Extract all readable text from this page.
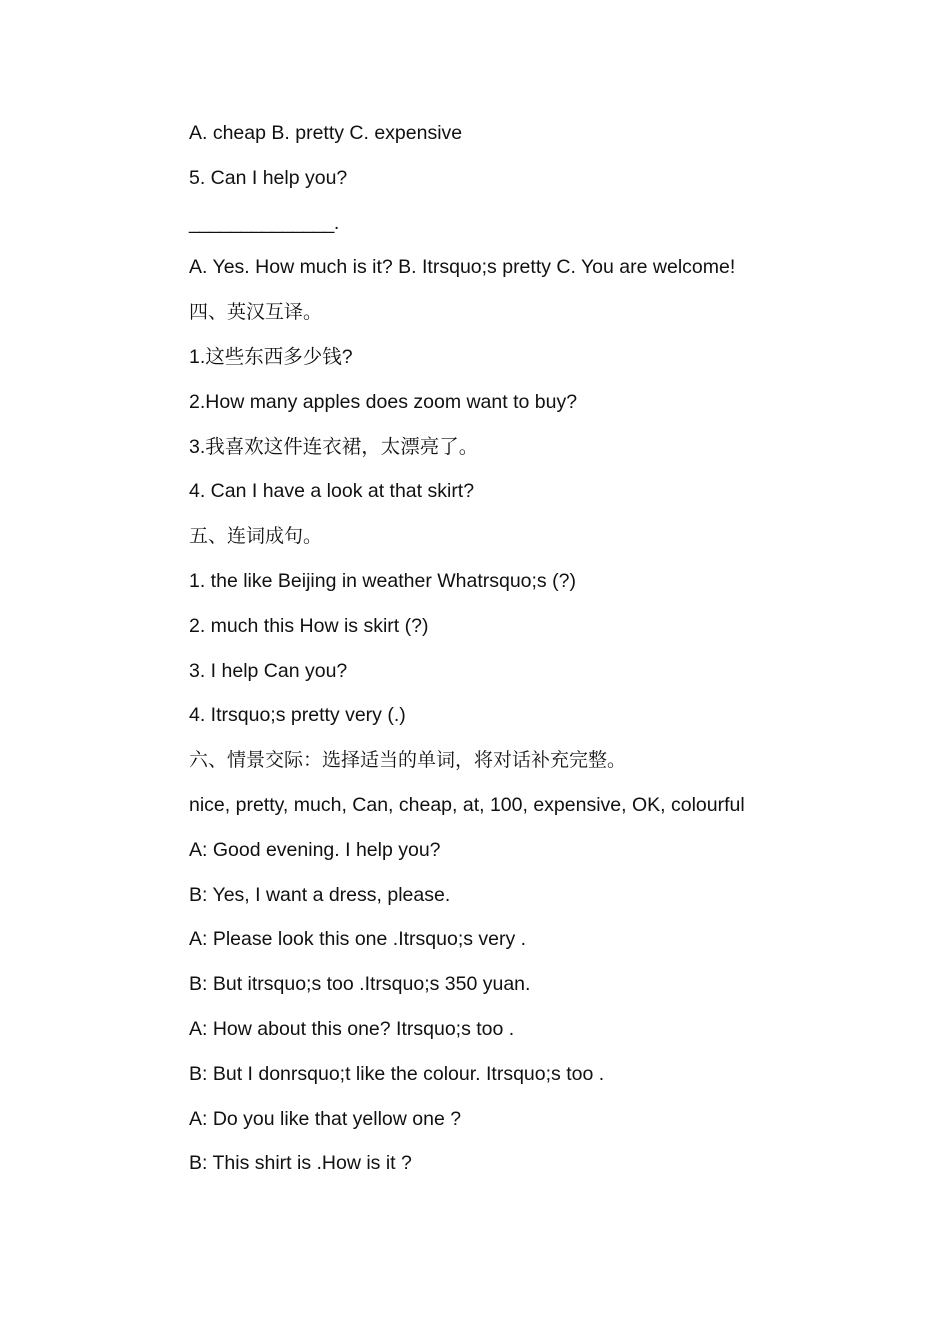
A. cheap B. pretty C. expensive
5. Can I help you?
______________.
A. Yes. How much is it? B. Itrsquo;s pretty C. You are welcome!
四、英汉互译。
1.这些东西多少钱?
2.How many apples does zoom want to buy?
3.我喜欢这件连衣裙，太漂亮了。
4. Can I have a look at that skirt?
五、连词成句。
1. the like Beijing in weather Whatrsquo;s (?)
2. much this How is skirt (?)
3. I help Can you?
4. Itrsquo;s pretty very (.)
六、情景交际：选择适当的单词，将对话补充完整。
nice, pretty, much, Can, cheap, at, 100, expensive, OK, colourful
A: Good evening. I help you?
B: Yes, I want a dress, please.
A: Please look this one .Itrsquo;s very .
B: But itrsquo;s too .Itrsquo;s 350 yuan.
A: How about this one? Itrsquo;s too .
B: But I donrsquo;t like the colour. Itrsquo;s too .
A: Do you like that yellow one ?
B: This shirt is .How is it ?
